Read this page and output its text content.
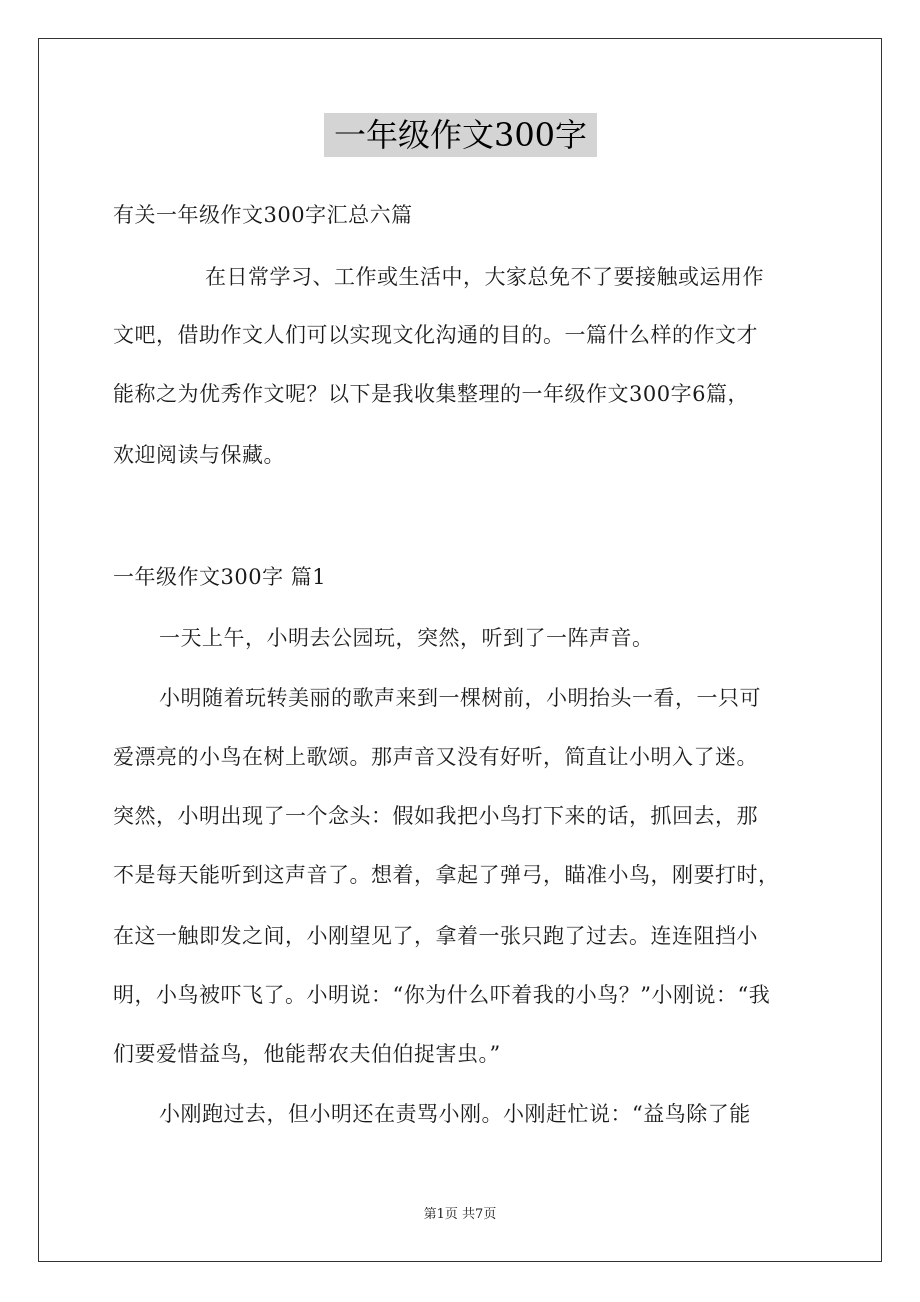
一年级作文300字
有关一年级作文300字汇总六篇
在日常学习、工作或生活中，大家总免不了要接触或运用作
文吧，借助作文人们可以实现文化沟通的目的。一篇什么样的作文才
能称之为优秀作文呢？以下是我收集整理的一年级作文300字6篇，
欢迎阅读与保藏。
一年级作文300字 篇1
一天上午，小明去公园玩，突然，听到了一阵声音。
小明随着玩转美丽的歌声来到一棵树前，小明抬头一看，一只可
爱漂亮的小鸟在树上歌颂。那声音又没有好听，简直让小明入了迷。
突然，小明出现了一个念头：假如我把小鸟打下来的话，抓回去，那
不是每天能听到这声音了。想着，拿起了弹弓，瞄准小鸟，刚要打时，
在这一触即发之间，小刚望见了，拿着一张只跑了过去。连连阻挡小
明，小鸟被吓飞了。小明说：“你为什么吓着我的小鸟？”小刚说：“我
们要爱惜益鸟，他能帮农夫伯伯捉害虫。”
小刚跑过去，但小明还在责骂小刚。小刚赶忙说：“益鸟除了能
第1页 共7页
